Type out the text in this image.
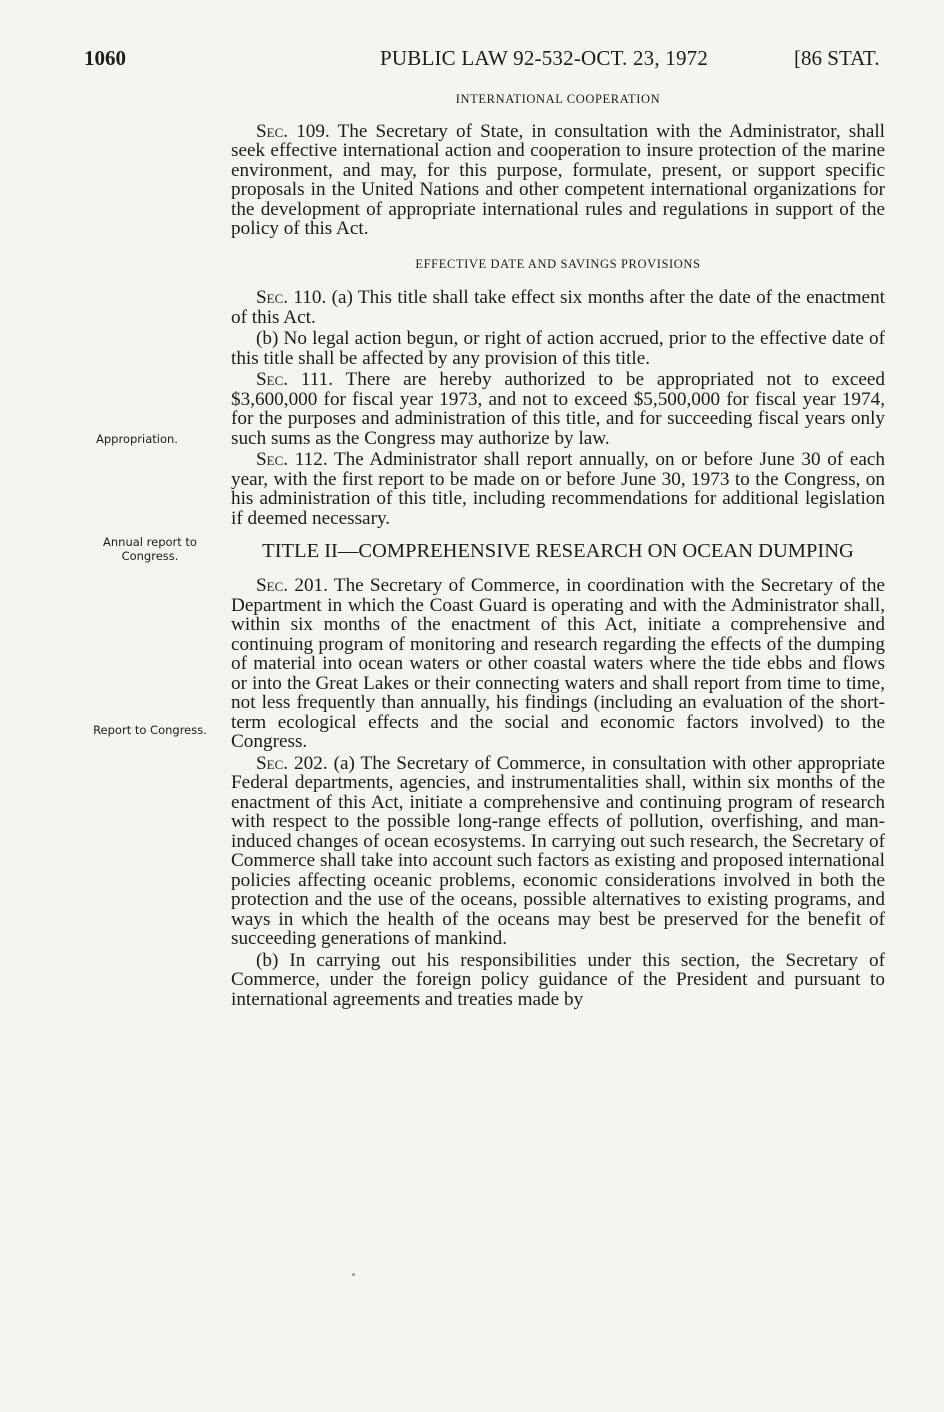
1060	PUBLIC LAW 92-532-OCT. 23, 1972	[86 STAT.
Appropriation.
Annual report to Congress.
Report to Congress.
INTERNATIONAL COOPERATION

Sec. 109. The Secretary of State, in consultation with the Administrator, shall seek effective international action and cooperation to insure protection of the marine environment, and may, for this purpose, formulate, present, or support specific proposals in the United Nations and other competent international organizations for the development of appropriate international rules and regulations in support of the policy of this Act.

EFFECTIVE DATE AND SAVINGS PROVISIONS

Sec. 110. (a) This title shall take effect six months after the date of the enactment of this Act.

(b) No legal action begun, or right of action accrued, prior to the effective date of this title shall be affected by any provision of this title.

Sec. 111. There are hereby authorized to be appropriated not to exceed $3,600,000 for fiscal year 1973, and not to exceed $5,500,000 for fiscal year 1974, for the purposes and administration of this title, and for succeeding fiscal years only such sums as the Congress may authorize by law.

Sec. 112. The Administrator shall report annually, on or before June 30 of each year, with the first report to be made on or before June 30, 1973 to the Congress, on his administration of this title, including recommendations for additional legislation if deemed necessary.

TITLE II—COMPREHENSIVE RESEARCH ON OCEAN DUMPING

Sec. 201. The Secretary of Commerce, in coordination with the Secretary of the Department in which the Coast Guard is operating and with the Administrator shall, within six months of the enactment of this Act, initiate a comprehensive and continuing program of monitoring and research regarding the effects of the dumping of material into ocean waters or other coastal waters where the tide ebbs and flows or into the Great Lakes or their connecting waters and shall report from time to time, not less frequently than annually, his findings (including an evaluation of the short-term ecological effects and the social and economic factors involved) to the Congress.

Sec. 202. (a) The Secretary of Commerce, in consultation with other appropriate Federal departments, agencies, and instrumentalities shall, within six months of the enactment of this Act, initiate a comprehensive and continuing program of research with respect to the possible long-range effects of pollution, overfishing, and man-induced changes of ocean ecosystems. In carrying out such research, the Secretary of Commerce shall take into account such factors as existing and proposed international policies affecting oceanic problems, economic considerations involved in both the protection and the use of the oceans, possible alternatives to existing programs, and ways in which the health of the oceans may best be preserved for the benefit of succeeding generations of mankind.

(b) In carrying out his responsibilities under this section, the Secretary of Commerce, under the foreign policy guidance of the President and pursuant to international agreements and treaties made by
